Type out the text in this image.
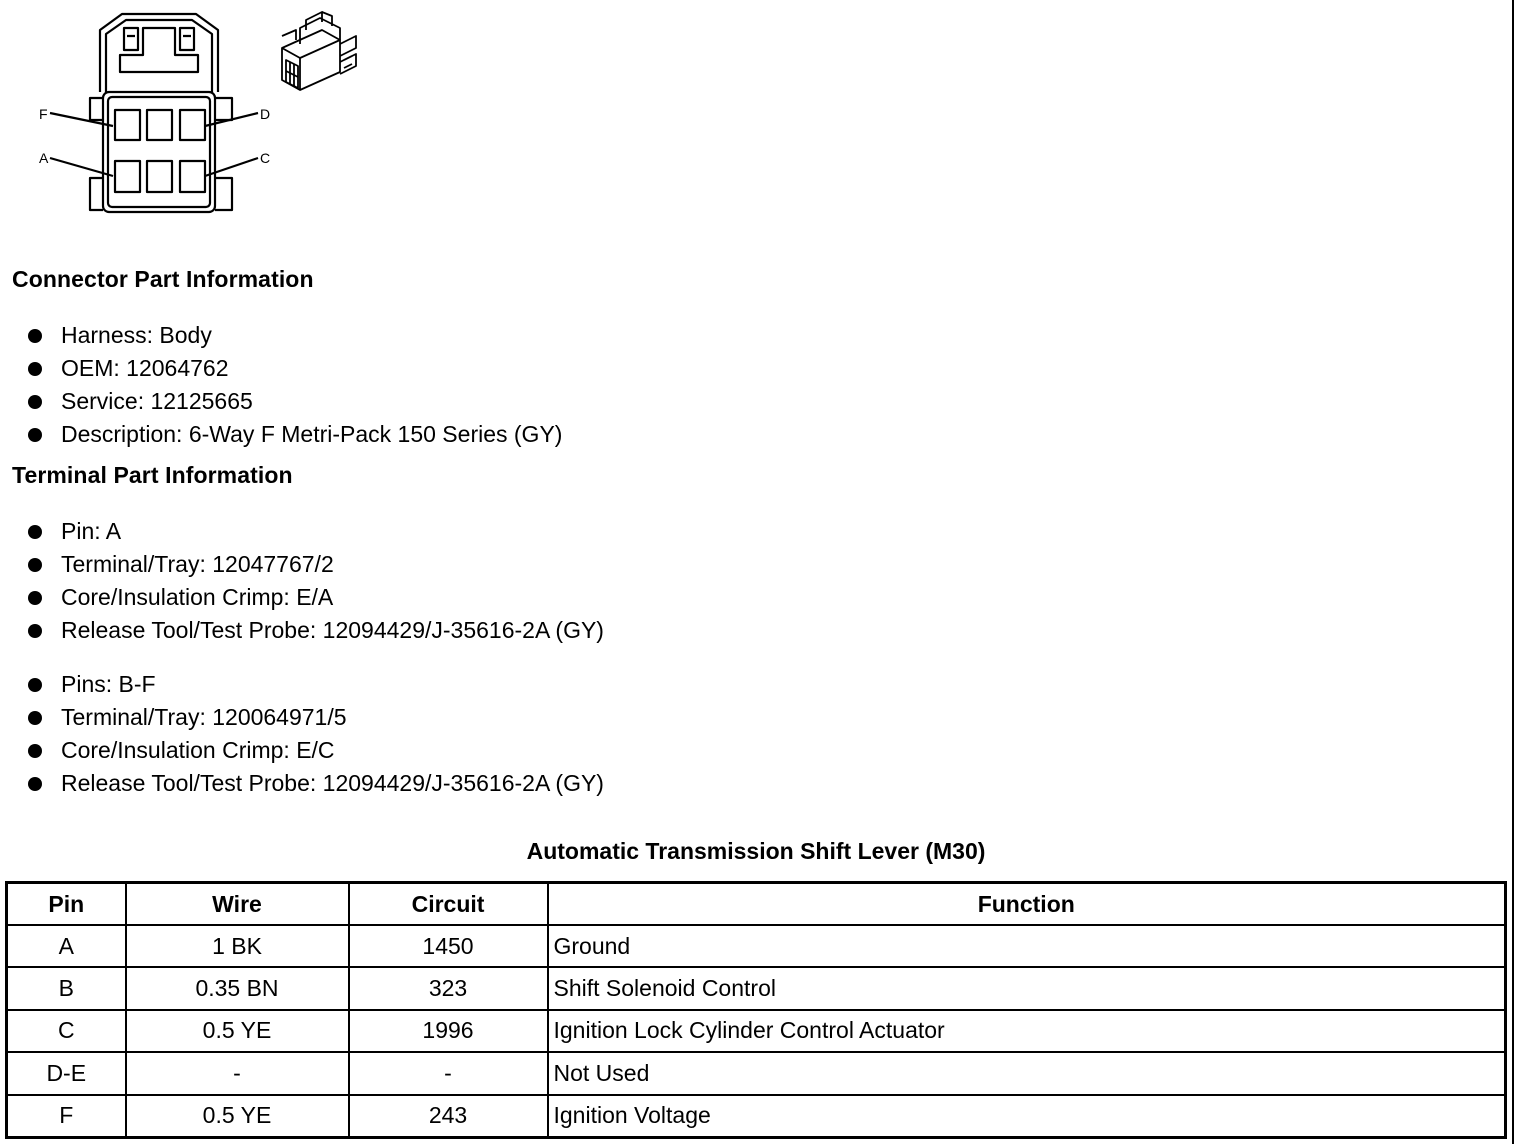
F	D
A	C
Connector Part Information
Harness: Body
OEM: 12064762
Service: 12125665
Description: 6-Way F Metri-Pack 150 Series (GY)
Terminal Part Information
Pin: A
Terminal/Tray: 12047767/2
Core/Insulation Crimp: E/A
Release Tool/Test Probe: 12094429/J-35616-2A (GY)
Pins: B-F
Terminal/Tray: 120064971/5
Core/Insulation Crimp: E/C
Release Tool/Test Probe: 12094429/J-35616-2A (GY)
Automatic Transmission Shift Lever (M30)
Pin	Wire	Circuit	Function
A	1 BK	1450	Ground
B	0.35 BN	323	Shift Solenoid Control
C	0.5 YE	1996	Ignition Lock Cylinder Control Actuator
D-E	-	-	Not Used
F	0.5 YE	243	Ignition Voltage
